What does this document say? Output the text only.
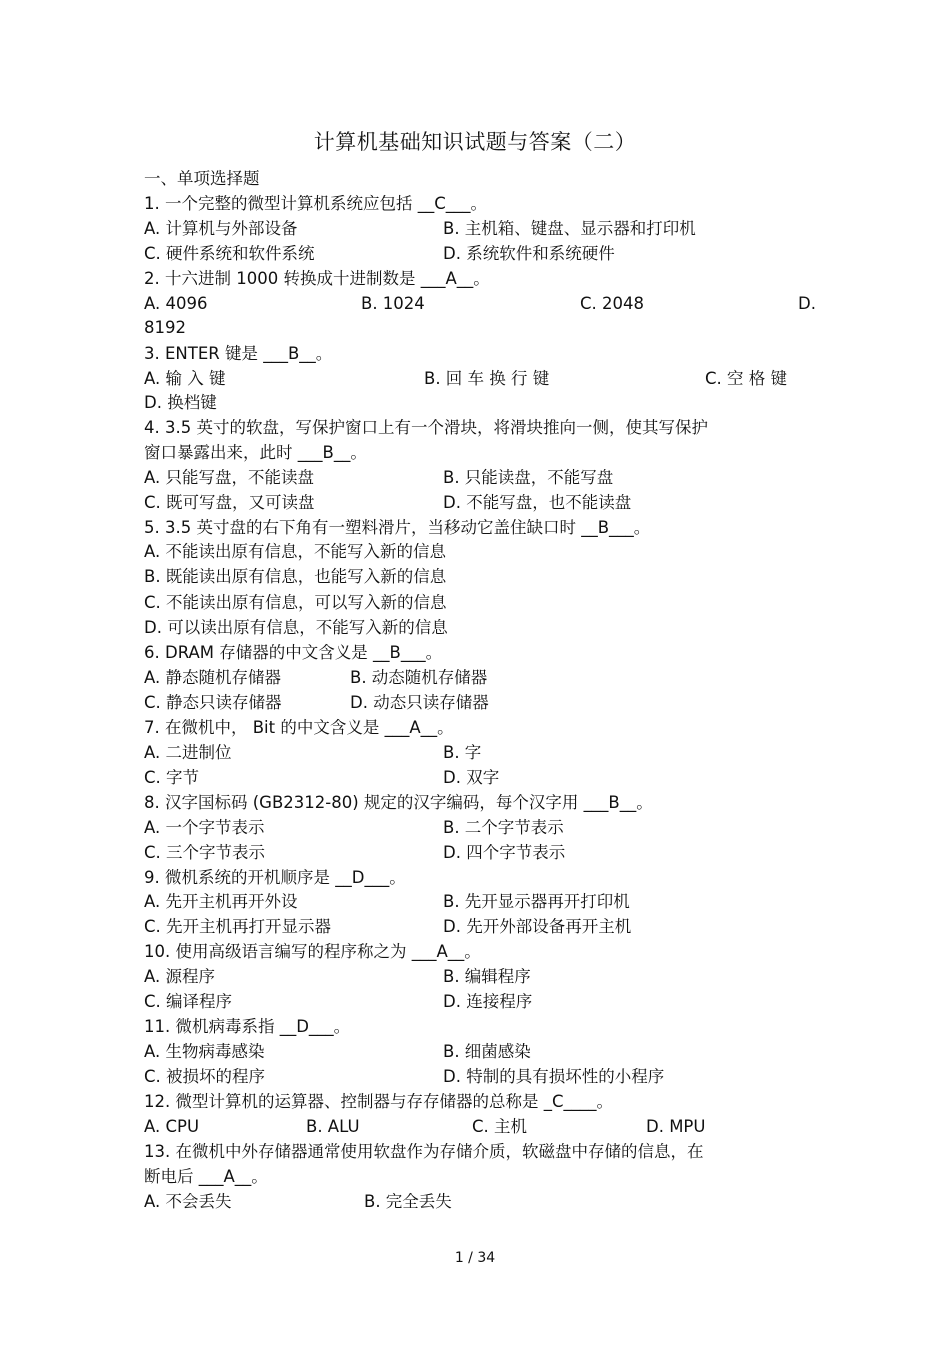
计算机基础知识试题与答案（二）
一、单项选择题
1. 一个完整的微型计算机系统应包括 __C___。
A. 计算机与外部设备	B. 主机箱、键盘、显示器和打印机
C. 硬件系统和软件系统	D. 系统软件和系统硬件
2. 十六进制 1000 转换成十进制数是 ___A__。
A. 4096	B. 1024	C. 2048	D.
8192
3. ENTER 键是 ___B__。
A. 输 入 键	B. 回 车 换 行 键	C. 空 格 键
D. 换档键
4. 3.5 英寸的软盘，写保护窗口上有一个滑块，将滑块推向一侧，使其写保护
窗口暴露出来，此时 ___B__。
A. 只能写盘，不能读盘	B. 只能读盘，不能写盘
C. 既可写盘，又可读盘	D. 不能写盘，也不能读盘
5. 3.5 英寸盘的右下角有一塑料滑片，当移动它盖住缺口时 __B___。
A. 不能读出原有信息，不能写入新的信息
B. 既能读出原有信息，也能写入新的信息
C. 不能读出原有信息，可以写入新的信息
D. 可以读出原有信息，不能写入新的信息
6. DRAM 存储器的中文含义是 __B___。
A. 静态随机存储器	B. 动态随机存储器
C. 静态只读存储器	D. 动态只读存储器
7. 在微机中， Bit 的中文含义是 ___A__。
A. 二进制位	B. 字
C. 字节	D. 双字
8. 汉字国标码 (GB2312-80) 规定的汉字编码，每个汉字用 ___B__。
A. 一个字节表示	B. 二个字节表示
C. 三个字节表示	D. 四个字节表示
9. 微机系统的开机顺序是 __D___。
A. 先开主机再开外设	B. 先开显示器再开打印机
C. 先开主机再打开显示器	D. 先开外部设备再开主机
10. 使用高级语言编写的程序称之为 ___A__。
A. 源程序	B. 编辑程序
C. 编译程序	D. 连接程序
11. 微机病毒系指 __D___。
A. 生物病毒感染	B. 细菌感染
C. 被损坏的程序	D. 特制的具有损坏性的小程序
12. 微型计算机的运算器、控制器与存存储器的总称是 _C____。
A. CPU	B. ALU	C. 主机	D. MPU
13. 在微机中外存储器通常使用软盘作为存储介质，软磁盘中存储的信息，在
断电后 ___A__。
A. 不会丢失	B. 完全丢失
1 / 34
